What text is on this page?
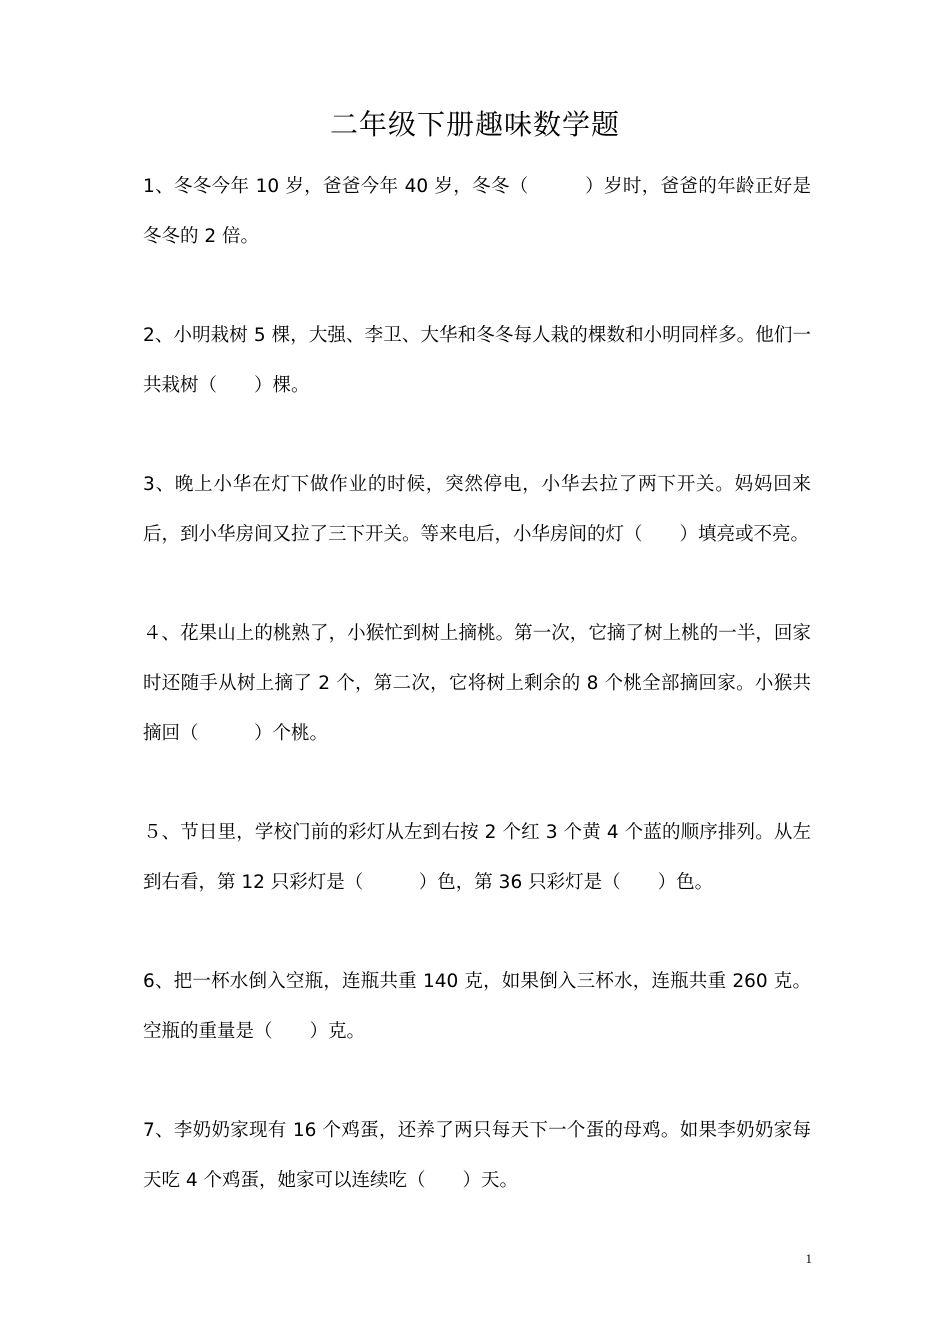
二年级下册趣味数学题

1、冬冬今年 10 岁，爸爸今年 40 岁，冬冬（　　　）岁时，爸爸的年龄正好是冬冬的 2 倍。

2、小明栽树 5 棵，大强、李卫、大华和冬冬每人栽的棵数和小明同样多。他们一共栽树（　　）棵。

3、晚上小华在灯下做作业的时候，突然停电，小华去拉了两下开关。妈妈回来后，到小华房间又拉了三下开关。等来电后，小华房间的灯（　　）填亮或不亮。

４、花果山上的桃熟了，小猴忙到树上摘桃。第一次，它摘了树上桃的一半，回家时还随手从树上摘了 2 个，第二次，它将树上剩余的 8 个桃全部摘回家。小猴共摘回（　　　）个桃。

５、节日里，学校门前的彩灯从左到右按 2 个红 3 个黄 4 个蓝的顺序排列。从左到右看，第 12 只彩灯是（　　　）色，第 36 只彩灯是（　　）色。

6、把一杯水倒入空瓶，连瓶共重 140 克，如果倒入三杯水，连瓶共重 260 克。空瓶的重量是（　　）克。

7、李奶奶家现有 16 个鸡蛋，还养了两只每天下一个蛋的母鸡。如果李奶奶家每天吃 4 个鸡蛋，她家可以连续吃（　　）天。

1
